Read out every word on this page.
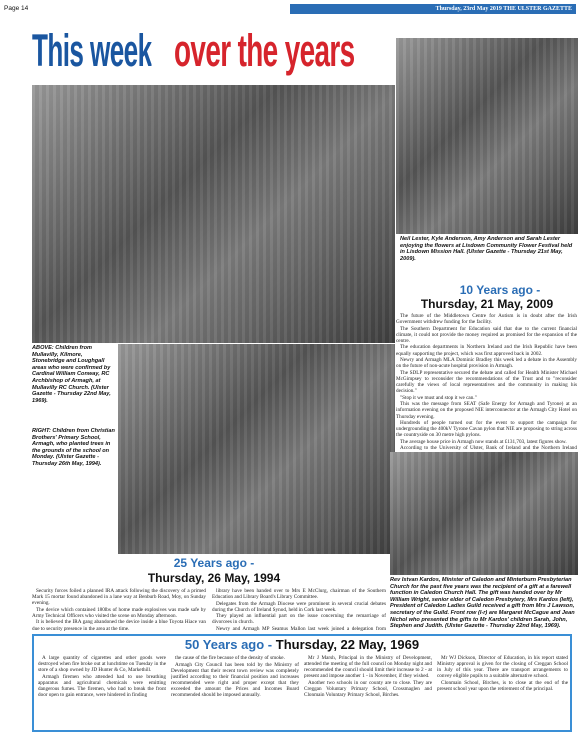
Page 14	Thursday, 23rd May 2019 THE ULSTER GAZETTE
This week over the years
ABOVE: Children from Mullavilly, Kilmore, Stonebridge and Loughgall areas who were confirmed by Cardinal William Conway, RC Archbishop of Armagh, at Mullavilly RC Church. (Ulster Gazette - Thursday 22nd May, 1969).
RIGHT: Children from Christian Brothers' Primary School, Armagh, who planted trees in the grounds of the school on Monday. (Ulster Gazette - Thursday 26th May, 1994).
Neil Lester, Kyle Anderson, Amy Anderson and Sarah Lester enjoying the flowers at Lisdown Community Flower Festival held in Lisdown Mission Hall. (Ulster Gazette - Thursday 21st May, 2009).
Rev Istvan Kardos, Minister of Caledon and Minterburn Presbyterian Church for the past five years was the recipient of a gift at a farewell function in Caledon Church Hall. The gift was handed over by Mr William Wright, senior elder of Caledon Presbytery, Mrs Kardos (left), President of Caledon Ladies Guild received a gift from Mrs J Lawson, secretary of the Guild. Front row (l-r) are Margaret McCague and Jean Nichol who presented the gifts to Mr Kardos' children Sarah, John, Stephen and Judith. (Ulster Gazette - Thursday 22nd May, 1969).
10 Years ago -
Thursday, 21 May, 2009

The future of the Middletown Centre for Autism is in doubt after the Irish Government withdrew funding for the facility.

The Southern Department for Education said that due to the current financial climate, it could not provide the money required as promised for the expansion of the centre.

The education departments in Northern Ireland and the Irish Republic have been equally supporting the project, which was first approved back in 2002.

Newry and Armagh MLA Dominic Bradley this week led a debate in the Assembly on the future of non-acute hospital provision in Armagh.

The SDLP representative secured the debate and called for Health Minister Michael McGimpsey to reconsider the recommendations of the Trust and to "reconsider carefully the views of local representatives and the community in making his decision."

"Stop it we must and stop it we can."

This was the message from SEAT (Safe Energy for Armagh and Tyrone) at an information evening on the proposed NIE interconnector at the Armagh City Hotel on Thursday evening.

Hundreds of people turned out for the event to support the campaign for undergrounding the 400kV Tyrone Cavan pylon that NIE are proposing to string across the countryside on 30 metre high pylons.

The average house price in Armagh now stands at £131,703, latest figures show.

According to the University of Ulster, Bank of Ireland and the Northern Ireland

25 Years ago -
Thursday, 26 May, 1994

Security forces foiled a planned IRA attack following the discovery of a primed Mark 15 mortar found abandoned in a lane way at Benburb Road, Moy, on Sunday evening.

The device which contained 180lbs of home made explosives was made safe by Army Technical Officers who visited the scene on Monday afternoon.

It is believed the IRA gang abandoned the device inside a blue Toyota Hiace van due to security presence in the area at the time.

library have been handed over to Mrs E McClurg, chairman of the Southern Education and Library Board's Library Committee.

Delegates from the Armagh Diocese were prominent in several crucial debates during the Church of Ireland Synod, held in Cork last week.

They played an influential part on the issue concerning the remarriage of divorcees in church.

Newry and Armagh MP Seamus Mallon last week joined a delegation from

50 Years ago - Thursday, 22 May, 1969

A large quantity of cigarettes and other goods were destroyed when fire broke out at lunchtime on Tuesday in the store of a shop owned by JD Hunter & Co, Markethill.

Armagh firemen who attended had to use breathing apparatus and agricultural chemicals were emitting dangerous fumes. The firemen, who had to break the front door open to gain entrance, were hindered in finding

the cause of the fire because of the density of smoke.

Armagh City Council has been told by the Ministry of Development that their recent town review was completely justified according to their financial position and increases recommended were right and proper except that they exceeded the amount the Prices and Incomes Board recommended should be imposed annually.

Mr J Marsh, Principal in the Ministry of Development, attended the meeting of the full council on Monday night and recommended the council should limit their increase to 2 - at present and impose another 1 - in November, if they wished.

Another two schools in our county are to close. They are Creggan Voluntary Primary School, Crossmaglen and Clonmain Voluntary Primary School, Birches.

Mr WJ Dickson, Director of Education, in his report stated Ministry approval is given for the closing of Creggan School in July of this year. There are transport arrangements to convey eligible pupils to a suitable alternative school.

Clonmain School, Birches, is to close at the end of the present school year upon the retirement of the principal.
